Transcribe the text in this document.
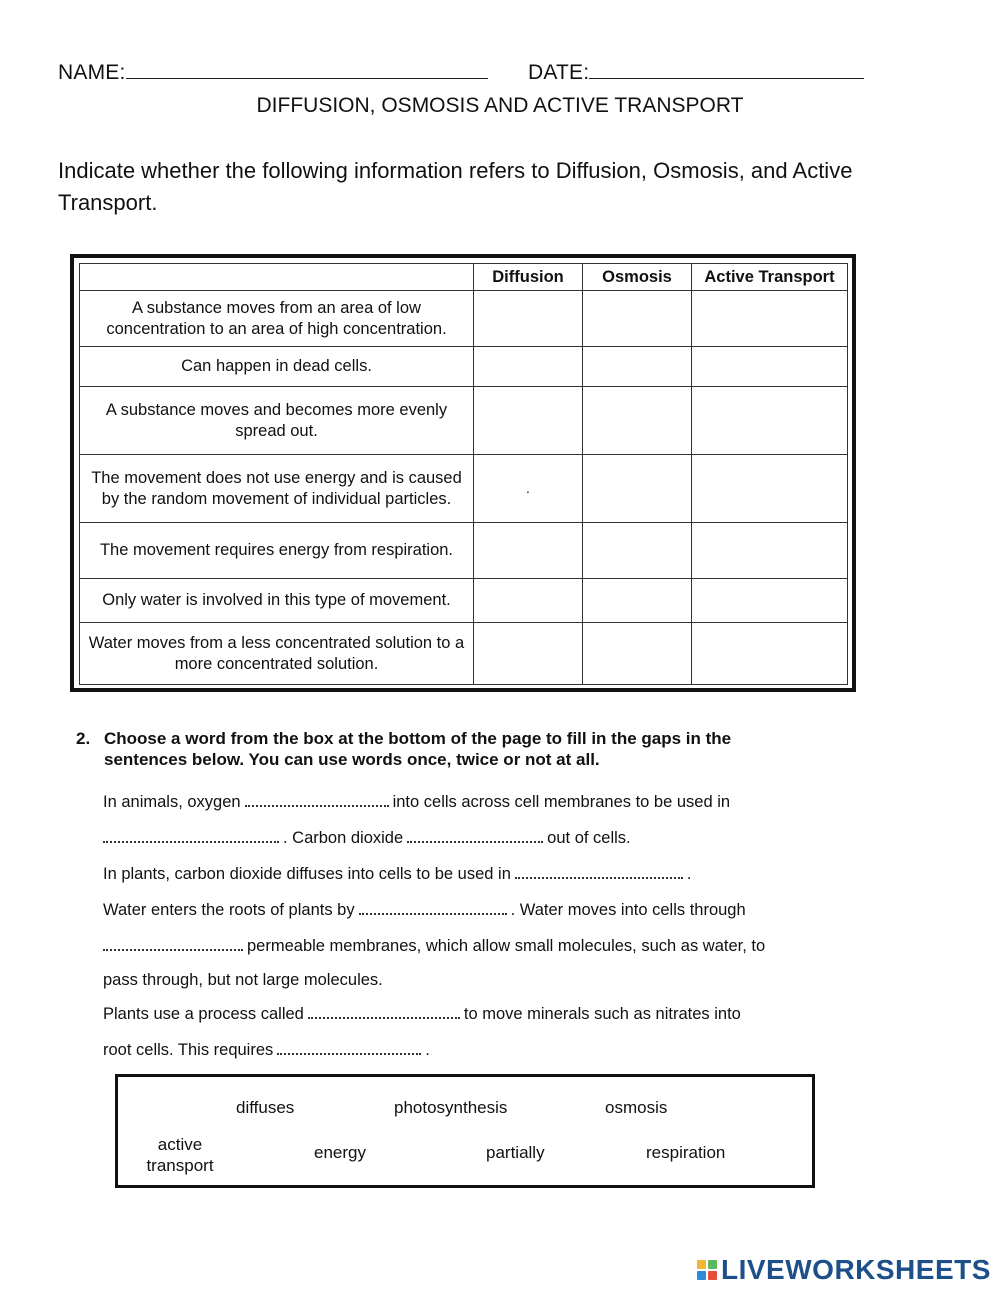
NAME:	DATE:
DIFFUSION, OSMOSIS AND ACTIVE TRANSPORT
Indicate whether the following information refers to Diffusion, Osmosis, and Active Transport.
	Diffusion	Osmosis	Active Transport
A substance moves from an area of low concentration to an area of high concentration.			
Can happen in dead cells.			
A substance moves and becomes more evenly spread out.			
The movement does not use energy and is caused by the random movement of individual particles.	.		
The movement requires energy from respiration.			
Only water is involved in this type of movement.			
Water moves from a less concentrated solution to a more concentrated solution.			
2. Choose a word from the box at the bottom of the page to fill in the gaps in the sentences below. You can use words once, twice or not at all.
In animals, oxygen	into cells across cell membranes to be used in
. Carbon dioxide	out of cells.
In plants, carbon dioxide diffuses into cells to be used in	.
Water enters the roots of plants by	. Water moves into cells through
permeable membranes, which allow small molecules, such as water, to
pass through, but not large molecules.
Plants use a process called	to move minerals such as nitrates into
root cells. This requires	.
diffuses	photosynthesis	osmosis
active
transport
energy	partially	respiration
LIVEWORKSHEETS
